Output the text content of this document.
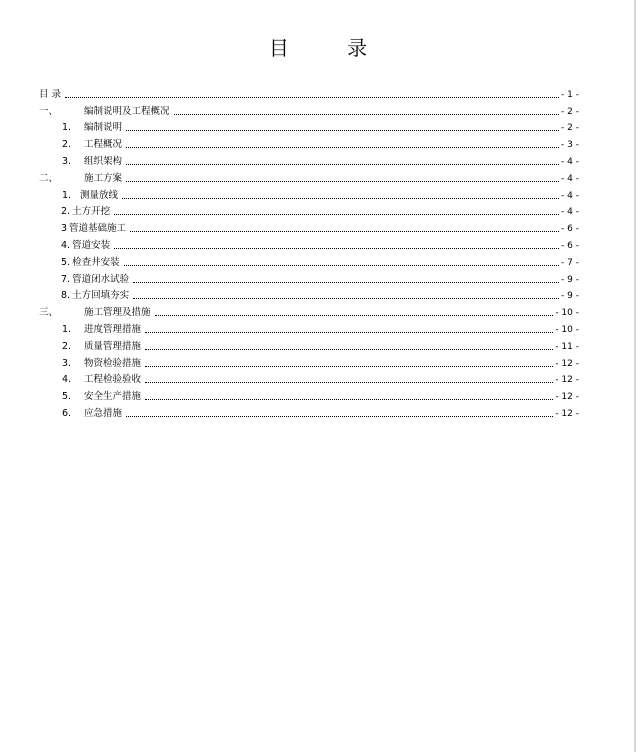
目 录
目 录	- 1 -
一、	编制说明及工程概况	- 2 -
1.	编制说明	- 2 -
2.	工程概况	- 3 -
3.	组织架构	- 4 -
二、	施工方案	- 4 -
1. 测量放线	- 4 -
2. 土方开挖	- 4 -
3 管道基础施工	- 6 -
4. 管道安装	- 6 -
5. 检查井安装	- 7 -
7. 管道闭水试验	- 9 -
8. 土方回填夯实	- 9 -
三、	施工管理及措施	- 10 -
1.	进度管理措施	- 10 -
2.	质量管理措施	- 11 -
3.	物资检验措施	- 12 -
4.	工程检验验收	- 12 -
5.	安全生产措施	- 12 -
6.	应急措施	- 12 -
